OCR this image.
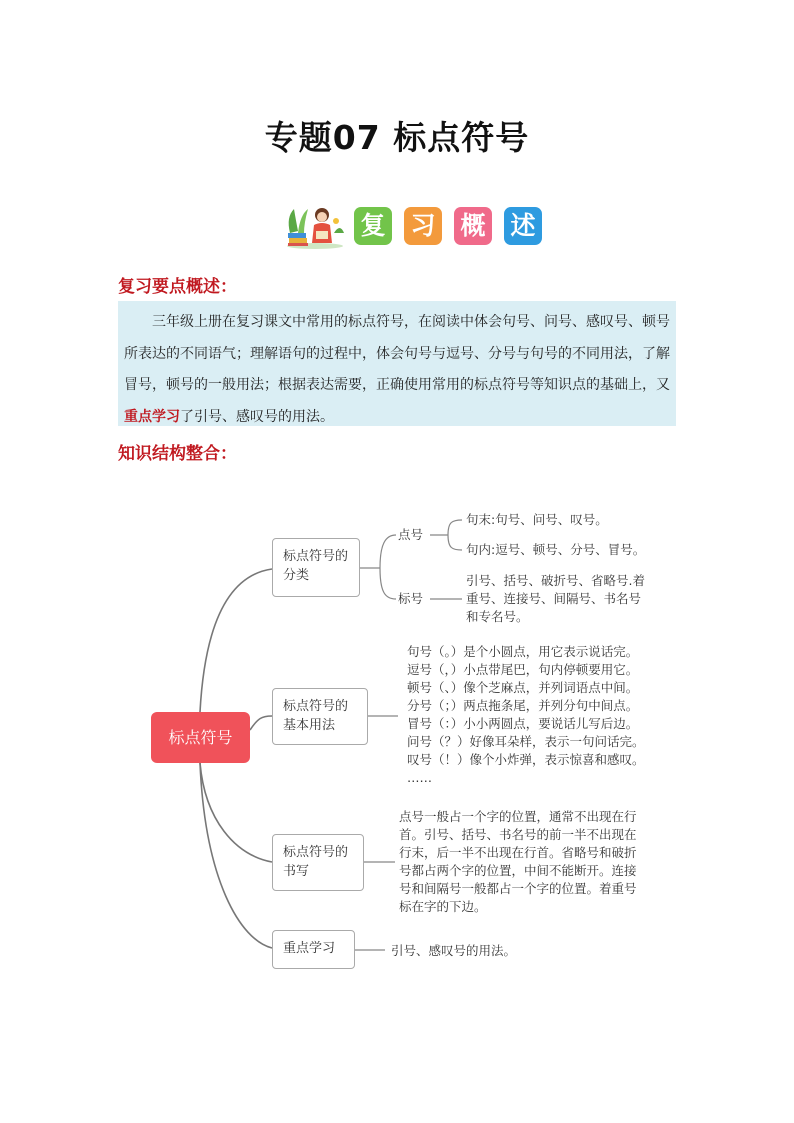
专题07 标点符号
复 习 概 述
复习要点概述：
三年级上册在复习课文中常用的标点符号，在阅读中体会句号、问号、感叹号、顿号所表达的不同语气；理解语句的过程中，体会句号与逗号、分号与句号的不同用法，了解冒号，顿号的一般用法；根据表达需要，正确使用常用的标点符号等知识点的基础上，又重点学习了引号、感叹号的用法。
知识结构整合：
标点符号
标点符号的分类
标点符号的基本用法
标点符号的书写
重点学习
点号
标号
句末:句号、问号、叹号。
句内:逗号、顿号、分号、冒号。
引号、括号、破折号、省略号.着
重号、连接号、间隔号、书名号
和专名号。
句号（。）是个小圆点，用它表示说话完。
逗号（，）小点带尾巴，句内停顿要用它。
顿号（、）像个芝麻点，并列词语点中间。
分号（；）两点拖条尾，并列分句中间点。
冒号（：）小小两圆点，要说话儿写后边。
问号（？）好像耳朵样，表示一句问话完。
叹号（！）像个小炸弹，表示惊喜和感叹。
……
点号一般占一个字的位置，通常不出现在行
首。引号、括号、书名号的前一半不出现在
行末，后一半不出现在行首。省略号和破折
号都占两个字的位置，中间不能断开。连接
号和间隔号一般都占一个字的位置。着重号
标在字的下边。
引号、感叹号的用法。
